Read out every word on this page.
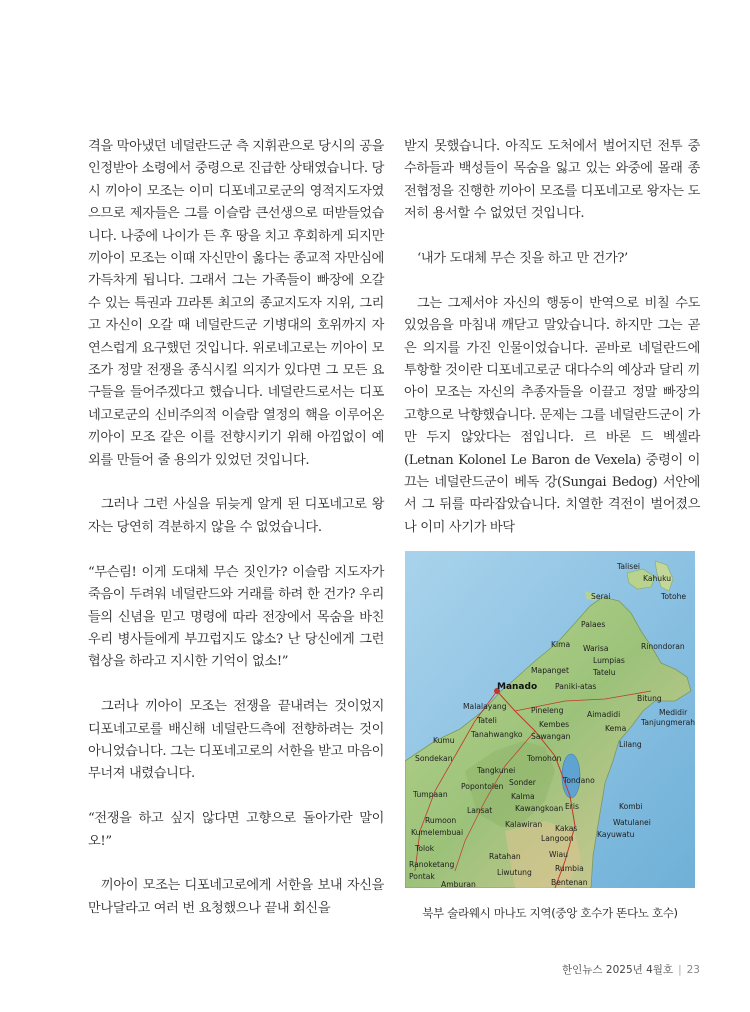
격을 막아냈던 네덜란드군 측 지휘관으로 당시의 공을 인정받아 소령에서 중령으로 진급한 상태였습니다. 당시 끼아이 모조는 이미 디포네고로군의 영적지도자였으므로 제자들은 그를 이슬람 큰선생으로 떠받들었습니다. 나중에 나이가 든 후 땅을 치고 후회하게 되지만 끼아이 모조는 이때 자신만이 옳다는 종교적 자만심에 가득차게 됩니다. 그래서 그는 가족들이 빠장에 오갈 수 있는 특권과 끄라톤 최고의 종교지도자 지위, 그리고 자신이 오갈 때 네덜란드군 기병대의 호위까지 자연스럽게 요구했던 것입니다. 위로네고로는 끼아이 모조가 정말 전쟁을 종식시킬 의지가 있다면 그 모든 요구들을 들어주겠다고 했습니다. 네덜란드로서는 디포네고로군의 신비주의적 이슬람 열정의 핵을 이루어온 끼아이 모조 같은 이를 전향시키기 위해 아낌없이 예외를 만들어 줄 용의가 있었던 것입니다.

그러나 그런 사실을 뒤늦게 알게 된 디포네고로 왕자는 당연히 격분하지 않을 수 없었습니다.

“무슨림! 이게 도대체 무슨 짓인가? 이슬람 지도자가 죽음이 두려워 네덜란드와 거래를 하려 한 건가? 우리들의 신념을 믿고 명령에 따라 전장에서 목숨을 바친 우리 병사들에게 부끄럽지도 않소? 난 당신에게 그런 협상을 하라고 지시한 기억이 없소!”

그러나 끼아이 모조는 전쟁을 끝내려는 것이었지 디포네고로를 배신해 네덜란드측에 전향하려는 것이 아니었습니다. 그는 디포네고로의 서한을 받고 마음이 무너져 내렸습니다.

“전쟁을 하고 싶지 않다면 고향으로 돌아가란 말이오!”

끼아이 모조는 디포네고로에게 서한을 보내 자신을 만나달라고 여러 번 요청했으나 끝내 회신을

받지 못했습니다. 아직도 도처에서 벌어지던 전투 중 수하들과 백성들이 목숨을 잃고 있는 와중에 몰래 종전협정을 진행한 끼아이 모조를 디포네고로 왕자는 도저히 용서할 수 없었던 것입니다.

‘내가 도대체 무슨 짓을 하고 만 건가?’

그는 그제서야 자신의 행동이 반역으로 비칠 수도 있었음을 마침내 깨닫고 말았습니다. 하지만 그는 곧은 의지를 가진 인물이었습니다. 곧바로 네덜란드에 투항할 것이란 디포네고로군 대다수의 예상과 달리 끼아이 모조는 자신의 추종자들을 이끌고 정말 빠장의 고향으로 낙향했습니다. 문제는 그를 네덜란드군이 가만 두지 않았다는 점입니다. 르 바론 드 벡셀라(Letnan Kolonel Le Baron de Vexela) 중령이 이끄는 네덜란드군이 베독 강(Sungai Bedog) 서안에서 그 뒤를 따라잡았습니다. 치열한 격전이 벌어졌으나 이미 사기가 바닥

Talisei
Kahuku
Serai	Totohe
Palaes
Kima Warisa	Rinondoran
Lumpias
Mapanget	Tatelu
Manado Paniki-atas
Malalayang	Pineleng	Aimadidi
Bitung
Tateli	Kembes	Kema
Tanjungmerah
Tanahwangko Sawangan
Medidir
Kumu	Lilang
Sondekan	Tomohon
Tangkunei
Tondano
Popontolen Sonder
Tumpaan	Kalma
Kawangkoan Eris	Kombi
Lansat
Rumoon	Kalawiran	Watulanei
Kumelembuai	Kakas
Langoon	Kayuwatu
Tolok
Ratahan	Wiau
Ranoketang
Liwutung	Rumbia
Pontak
Amburan	Bentenan
북부 술라웨시 마나도 지역(중앙 호수가 똔다노 호수)
한인뉴스 2025년 4월호 | 23
